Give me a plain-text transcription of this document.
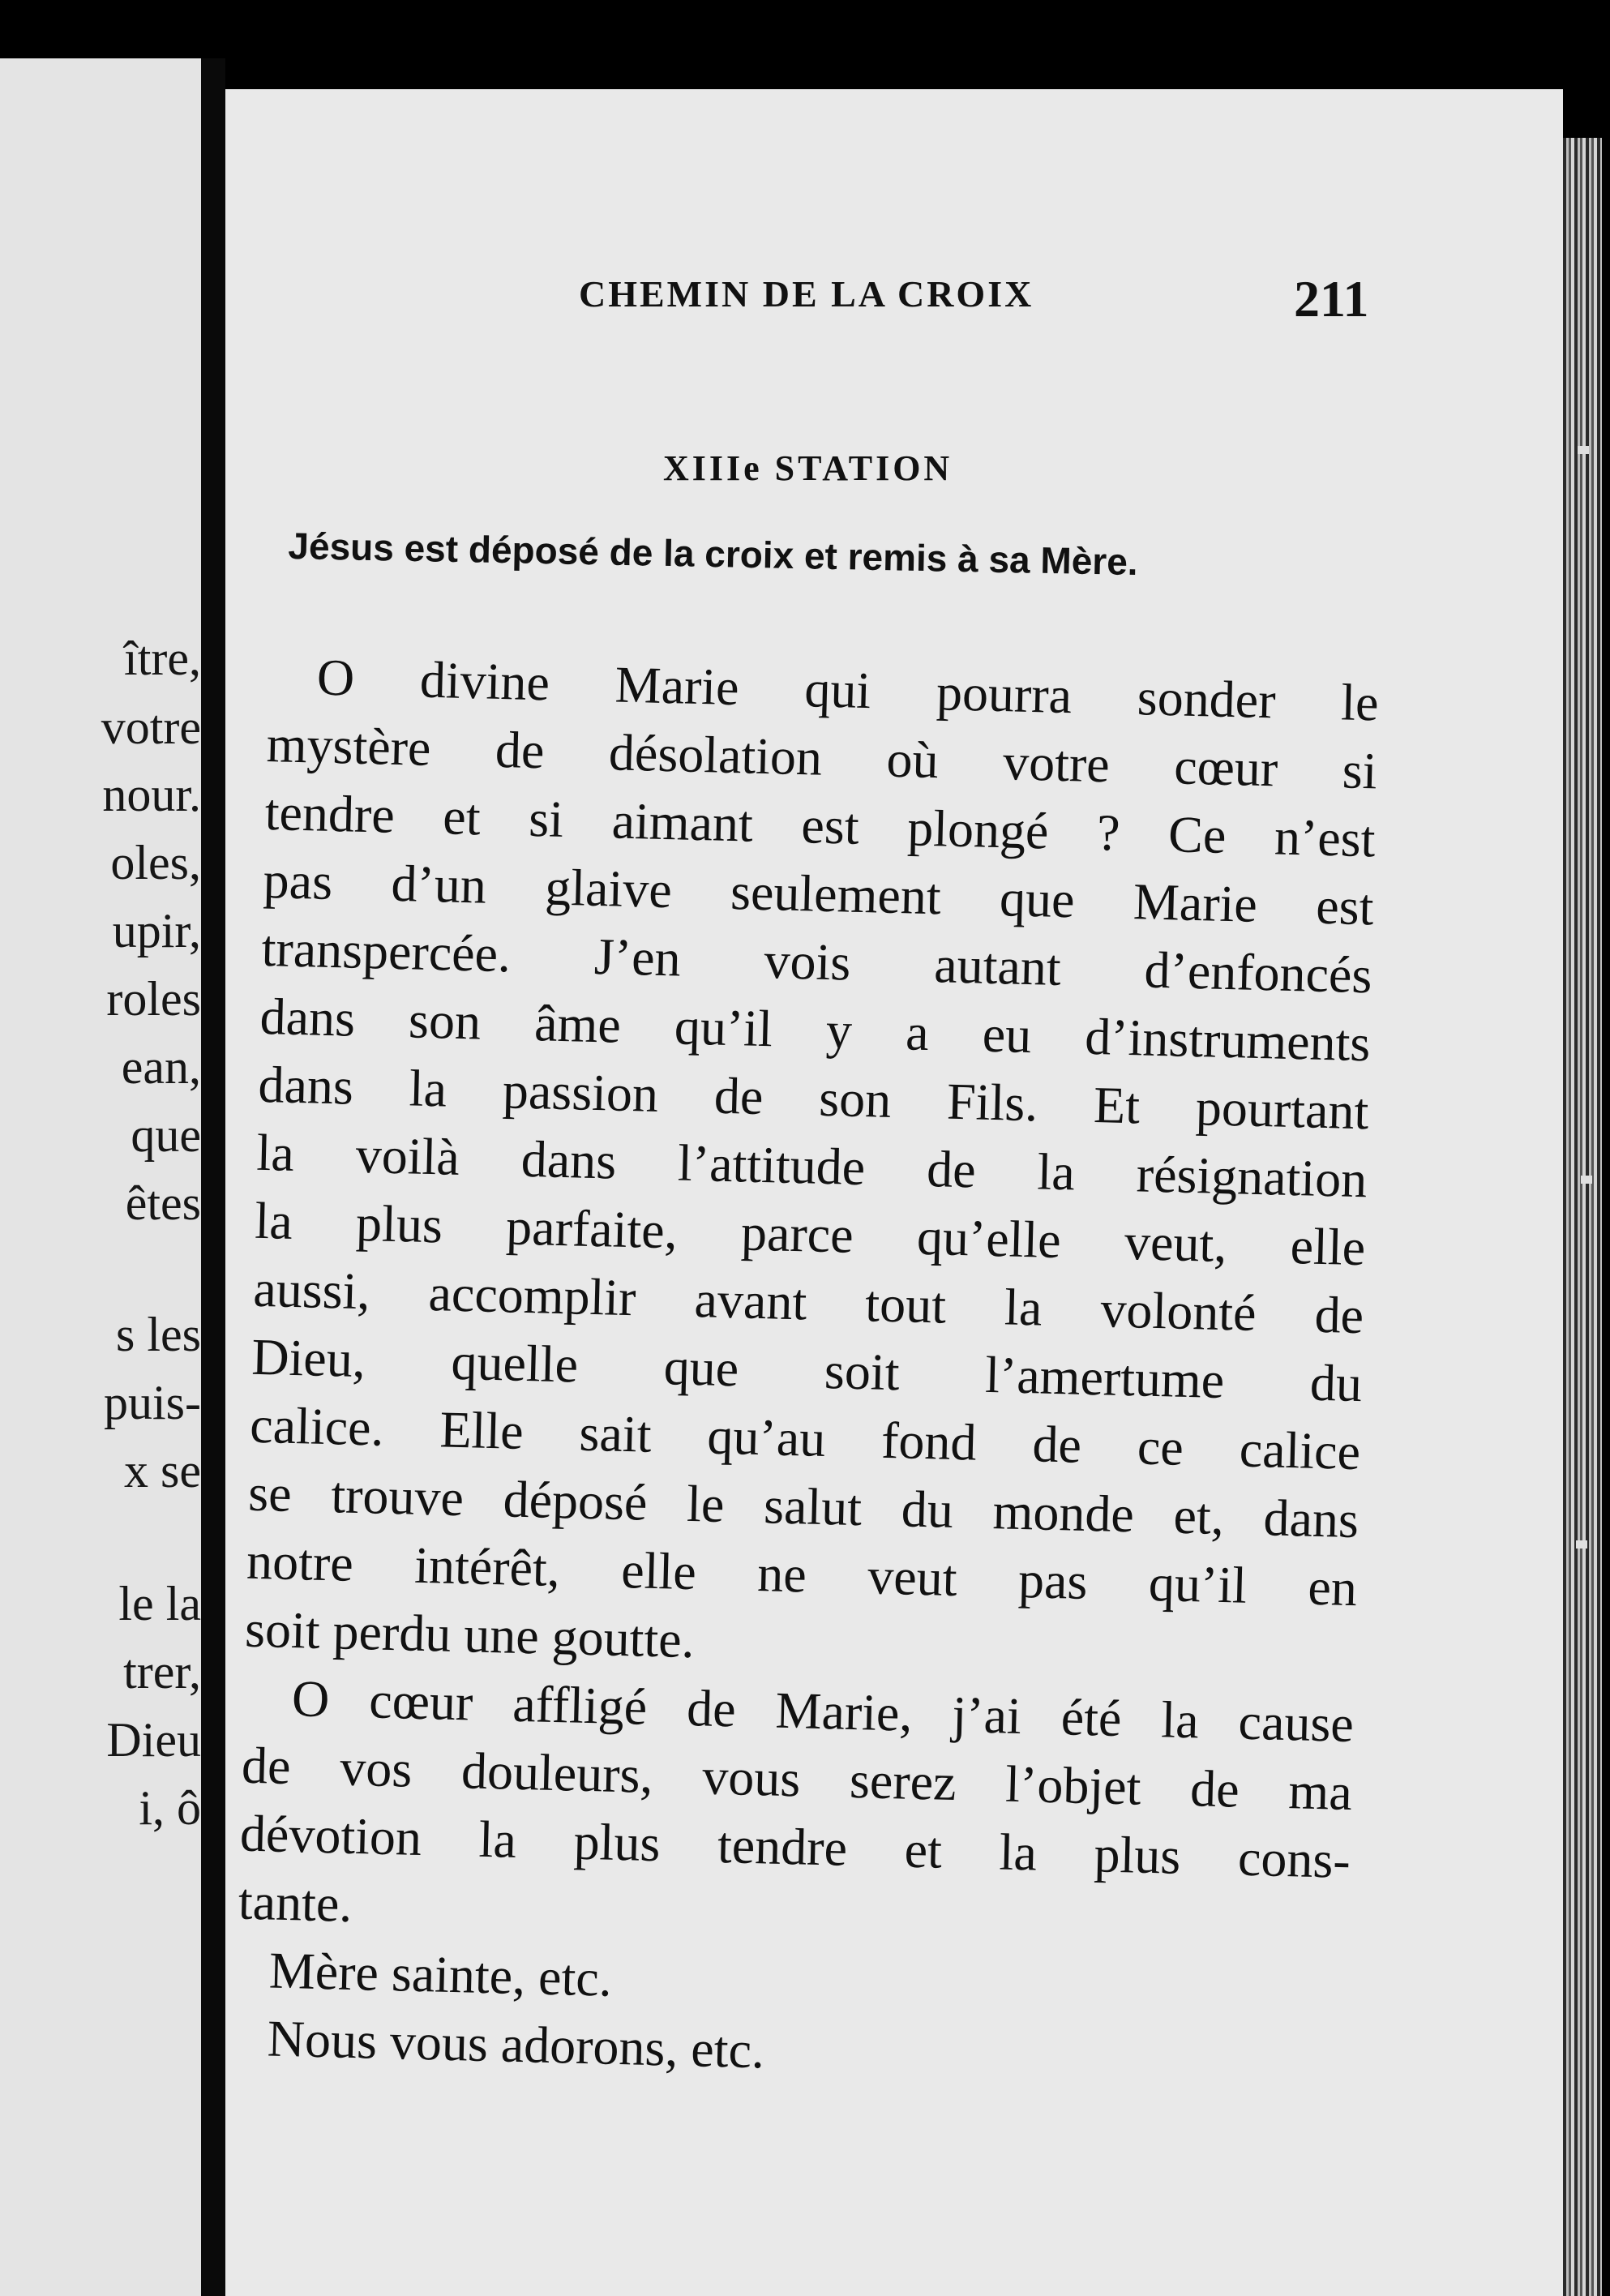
ître,
votre
nour.
oles,
upir,
roles
ean,
que
êtes
s les
puis-
x se
le la
trer,
Dieu
i, ô
CHEMIN DE LA CROIX	211
XIIIe STATION
Jésus est déposé de la croix et remis à sa Mère.
O divine Marie qui pourra sonder le
mystère de désolation où votre cœur si
tendre et si aimant est plongé ? Ce n’est
pas d’un glaive seulement que Marie est
transpercée. J’en vois autant d’enfoncés
dans son âme qu’il y a eu d’instruments
dans la passion de son Fils. Et pourtant
la voilà dans l’attitude de la résignation
la plus parfaite, parce qu’elle veut, elle
aussi, accomplir avant tout la volonté de
Dieu, quelle que soit l’amertume du
calice. Elle sait qu’au fond de ce calice
se trouve déposé le salut du monde et, dans
notre intérêt, elle ne veut pas qu’il en
soit perdu une goutte.
O cœur affligé de Marie, j’ai été la cause
de vos douleurs, vous serez l’objet de ma
dévotion la plus tendre et la plus cons-
tante.
Mère sainte, etc.
Nous vous adorons, etc.
